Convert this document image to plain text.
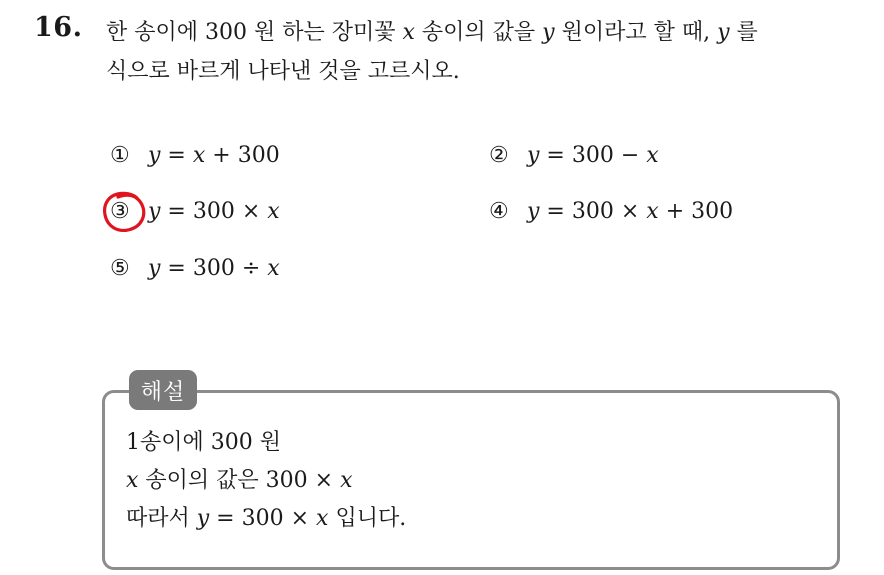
16. 한 송이에 300 원 하는 장미꽃 x 송이의 값을 y 원이라고 할 때, y 를
식으로 바르게 나타낸 것을 고르시오.
① y = x + 300	② y = 300 − x
③ y = 300 × x	④ y = 300 × x + 300
⑤ y = 300 ÷ x
해설
1송이에 300 원
x 송이의 값은 300 × x
따라서 y = 300 × x 입니다.
